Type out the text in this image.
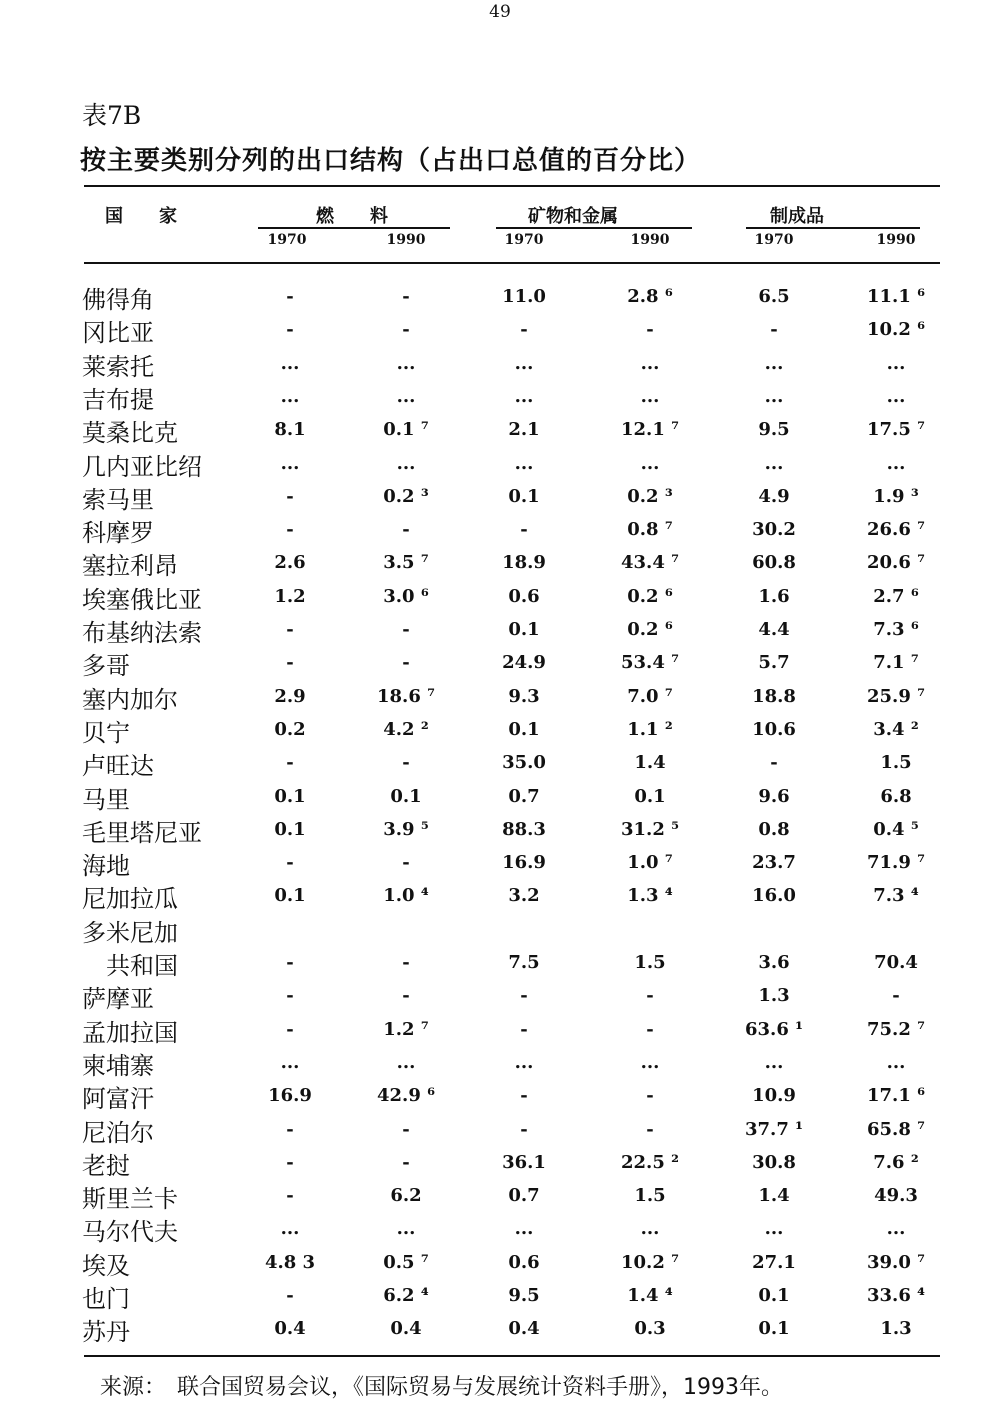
49
表7B
按主要类别分列的出口结构（占出口总值的百分比）
国　　家	燃　　料	矿物和金属	制成品
1970	1990	1970	1990	1970	1990
佛得角	-	-	11.0	2.8 ⁶	6.5	11.1 ⁶
冈比亚	-	-	-	-	-	10.2 ⁶
莱索托	...	...	...	...	...	...
吉布提	...	...	...	...	...	...
莫桑比克	8.1	0.1 ⁷	2.1	12.1 ⁷	9.5	17.5 ⁷
几内亚比绍	...	...	...	...	...	...
索马里	-	0.2 ³	0.1	0.2 ³	4.9	1.9 ³
科摩罗	-	-	-	0.8 ⁷	30.2	26.6 ⁷
塞拉利昂	2.6	3.5 ⁷	18.9	43.4 ⁷	60.8	20.6 ⁷
埃塞俄比亚	1.2	3.0 ⁶	0.6	0.2 ⁶	1.6	2.7 ⁶
布基纳法索	-	-	0.1	0.2 ⁶	4.4	7.3 ⁶
多哥	-	-	24.9	53.4 ⁷	5.7	7.1 ⁷
塞内加尔	2.9	18.6 ⁷	9.3	7.0 ⁷	18.8	25.9 ⁷
贝宁	0.2	4.2 ²	0.1	1.1 ²	10.6	3.4 ²
卢旺达	-	-	35.0	1.4	-	1.5
马里	0.1	0.1	0.7	0.1	9.6	6.8
毛里塔尼亚	0.1	3.9 ⁵	88.3	31.2 ⁵	0.8	0.4 ⁵
海地	-	-	16.9	1.0 ⁷	23.7	71.9 ⁷
尼加拉瓜	0.1	1.0 ⁴	3.2	1.3 ⁴	16.0	7.3 ⁴
多米尼加
　共和国	-	-	7.5	1.5	3.6	70.4
萨摩亚	-	-	-	-	1.3	-
孟加拉国	-	1.2 ⁷	-	-	63.6 ¹	75.2 ⁷
柬埔寨	...	...	...	...	...	...
阿富汗	16.9	42.9 ⁶	-	-	10.9	17.1 ⁶
尼泊尔	-	-	-	-	37.7 ¹	65.8 ⁷
老挝	-	-	36.1	22.5 ²	30.8	7.6 ²
斯里兰卡	-	6.2	0.7	1.5	1.4	49.3
马尔代夫	...	...	...	...	...	...
埃及	4.8 3	0.5 ⁷	0.6	10.2 ⁷	27.1	39.0 ⁷
也门	-	6.2 ⁴	9.5	1.4 ⁴	0.1	33.6 ⁴
苏丹	0.4	0.4	0.4	0.3	0.1	1.3
来源：　联合国贸易会议，《国际贸易与发展统计资料手册》，1993年。
